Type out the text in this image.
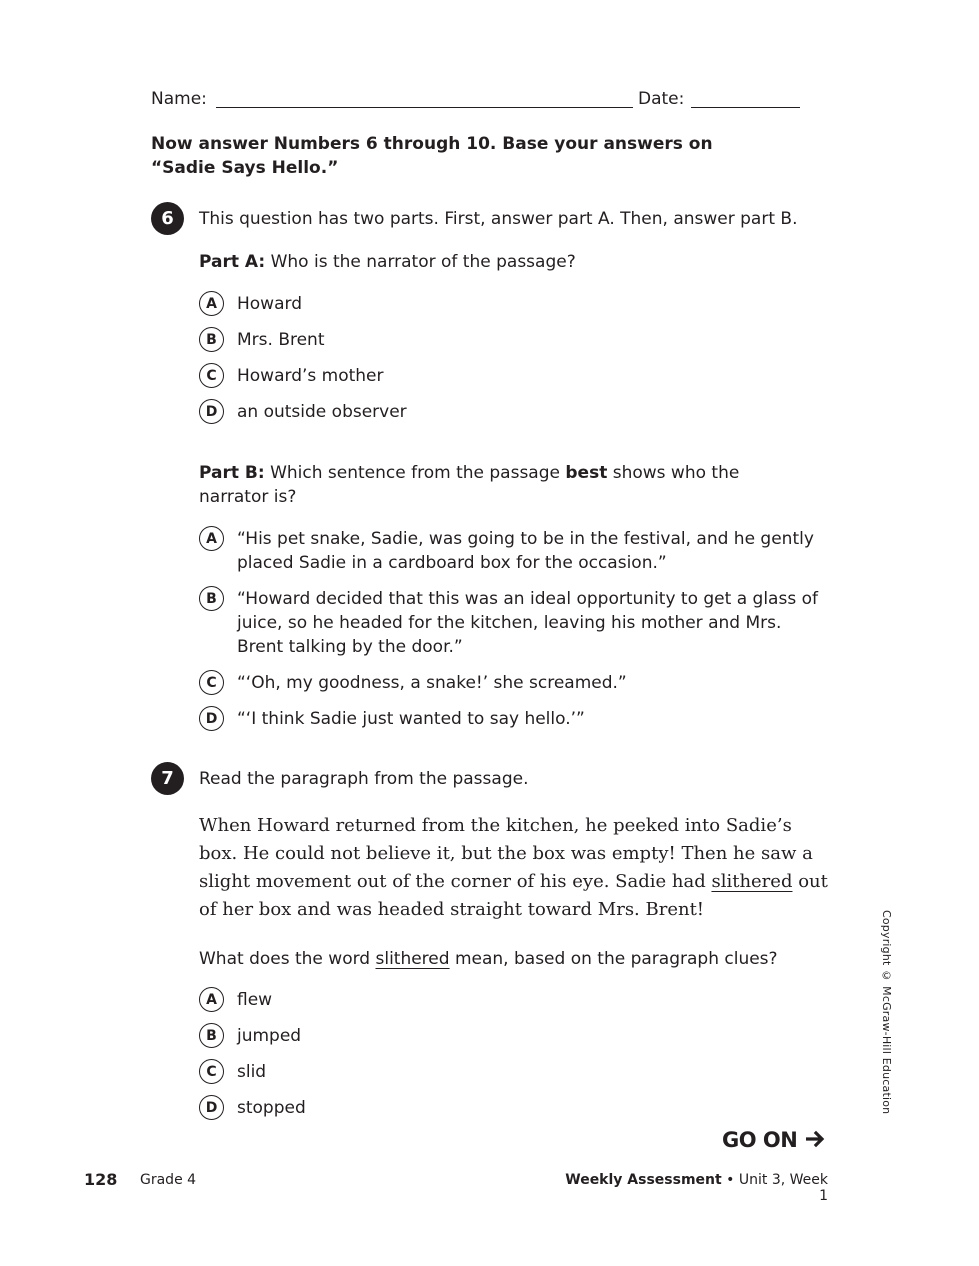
Name:	Date:
Now answer Numbers 6 through 10. Base your answers on
“Sadie Says Hello.”
6	This question has two parts. First, answer part A. Then, answer part B.
Part A: Who is the narrator of the passage?
A	Howard
B	Mrs. Brent
C	Howard’s mother
D	an outside observer
Part B: Which sentence from the passage best shows who the narrator is?
A	“His pet snake, Sadie, was going to be in the festival, and he gently placed Sadie in a cardboard box for the occasion.”
B	“Howard decided that this was an ideal opportunity to get a glass of juice, so he headed for the kitchen, leaving his mother and Mrs. Brent talking by the door.”
C	“‘Oh, my goodness, a snake!’ she screamed.”
D	“‘I think Sadie just wanted to say hello.’”
7	Read the paragraph from the passage.
When Howard returned from the kitchen, he peeked into Sadie’s box. He could not believe it, but the box was empty! Then he saw a slight movement out of the corner of his eye. Sadie had slithered out of her box and was headed straight toward Mrs. Brent!
What does the word slithered mean, based on the paragraph clues?
A	flew
B	jumped
C	slid
D	stopped	Copyright © McGraw-Hill Education
GO ON
128 Grade 4	Weekly Assessment • Unit 3, Week 1
